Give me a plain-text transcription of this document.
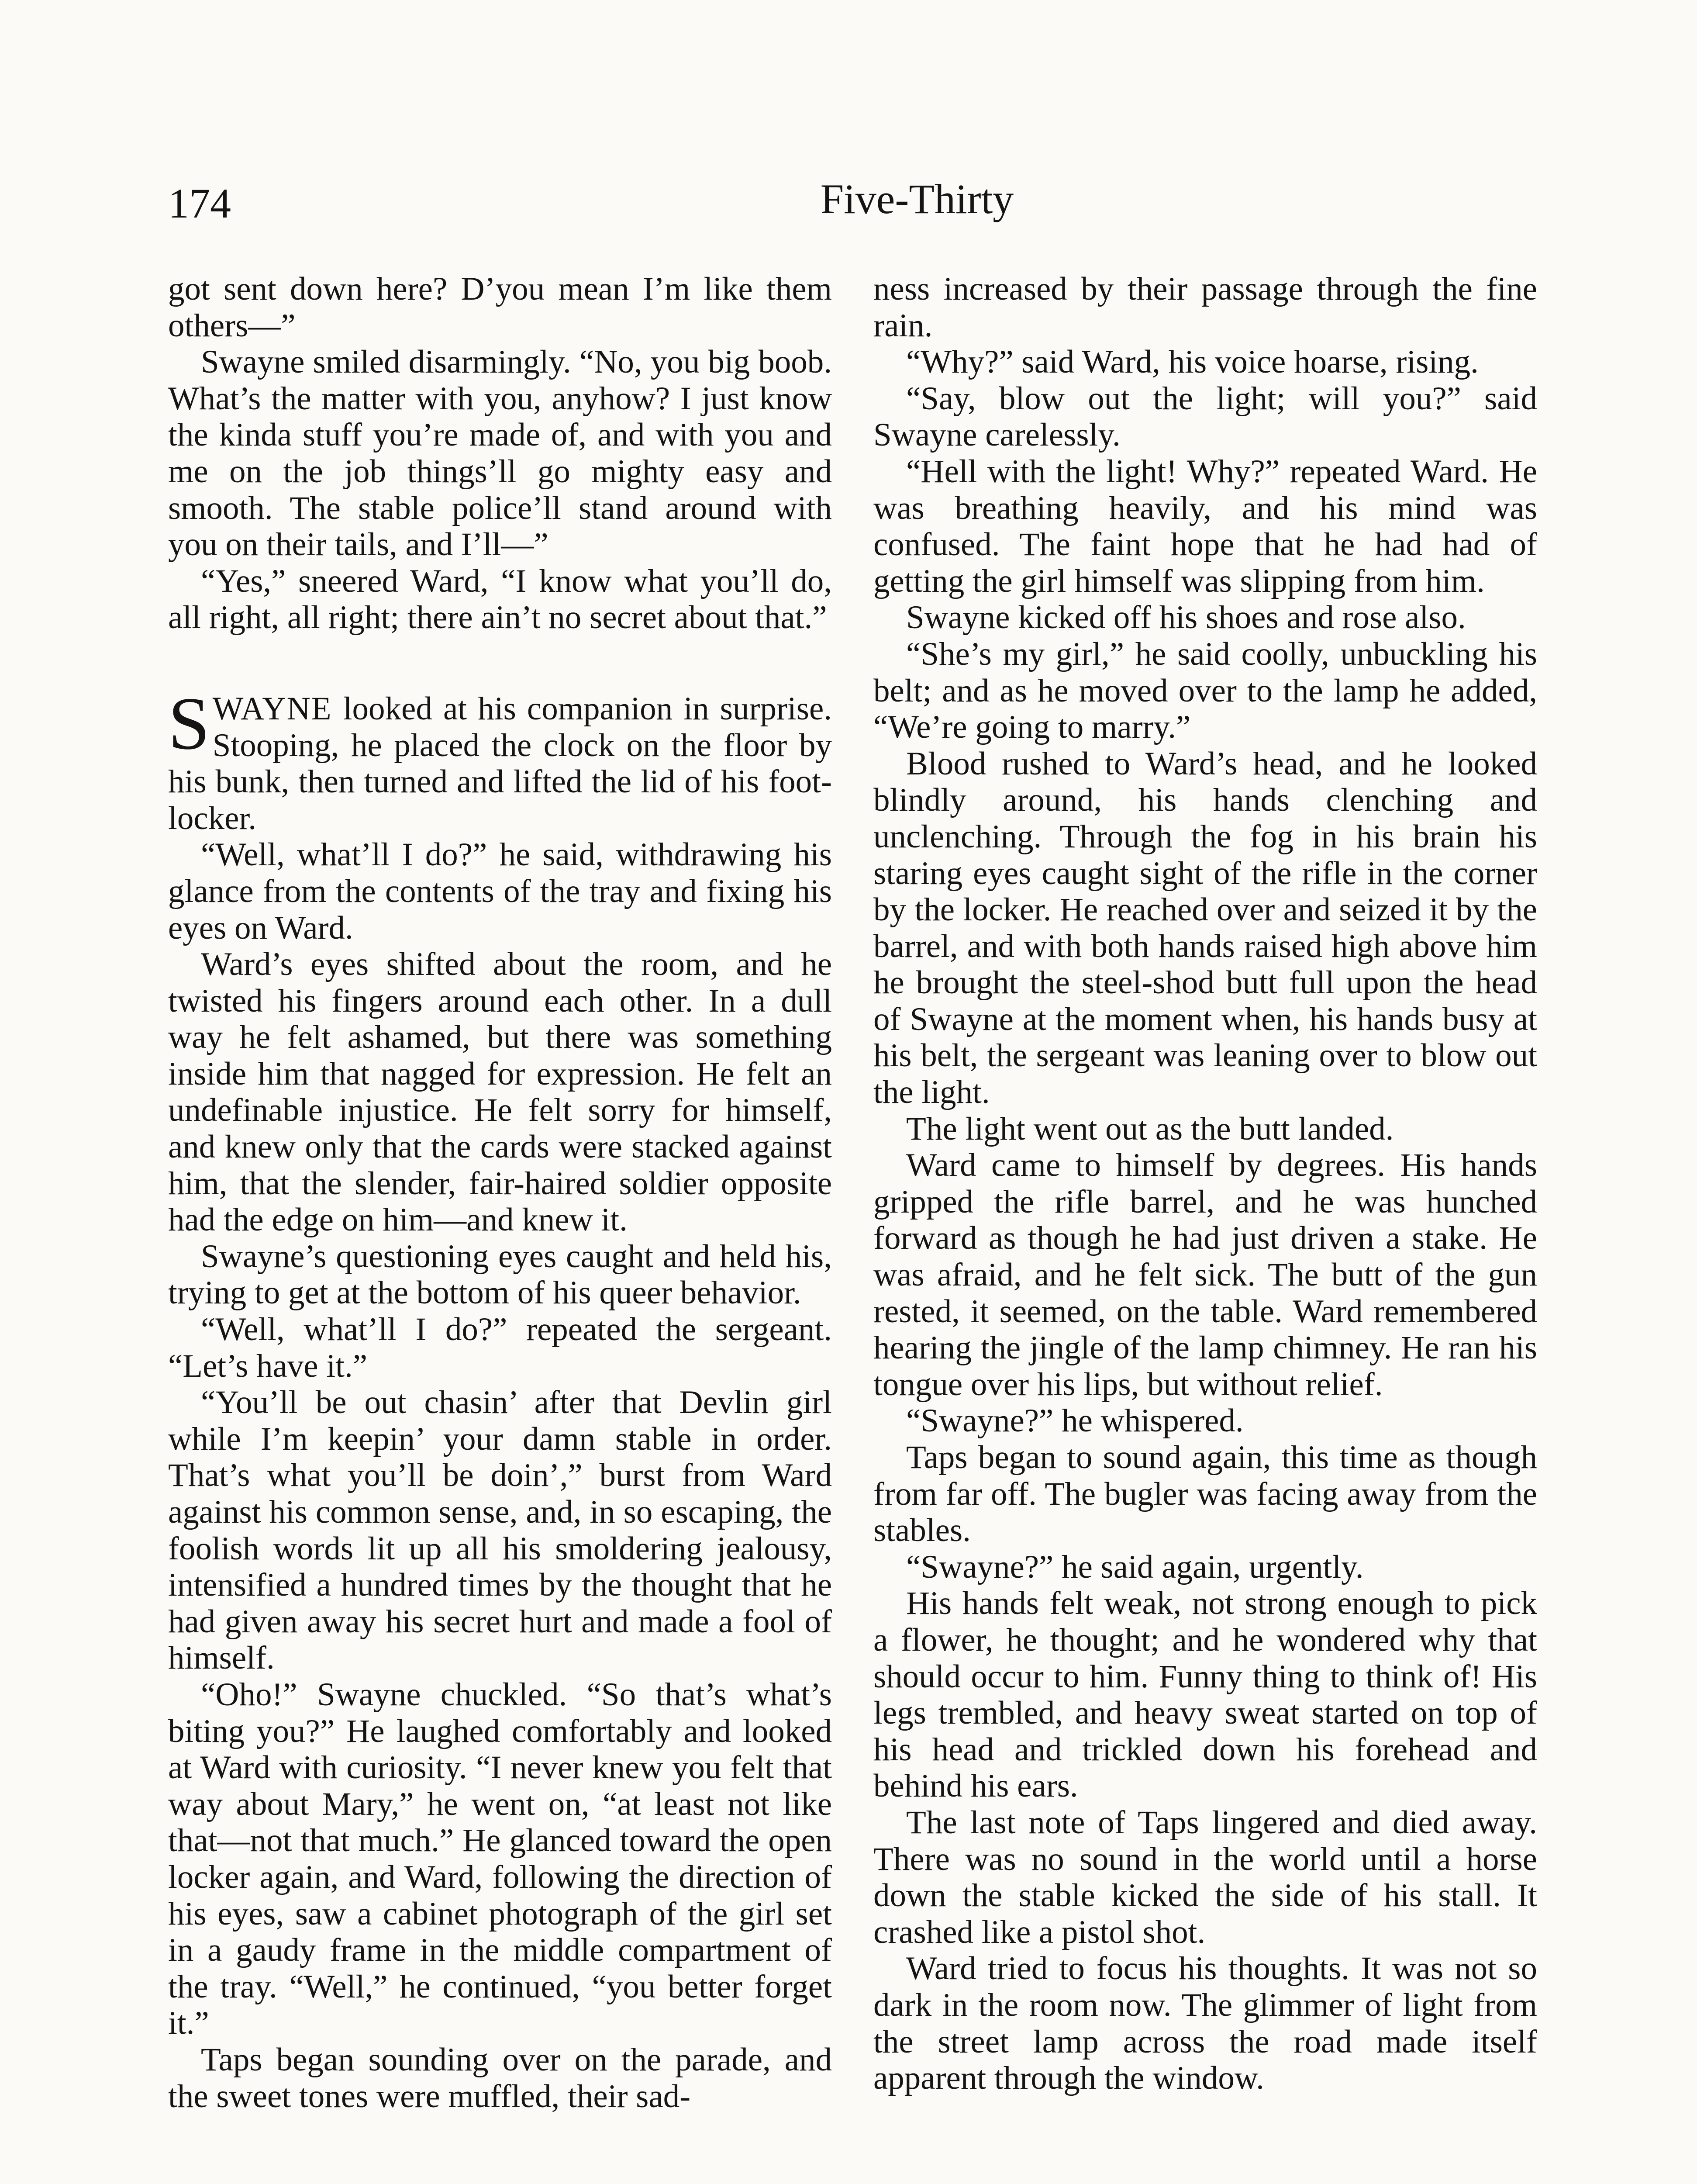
174	Five-Thirty

got sent down here? D’you mean I’m like them others—”

Swayne smiled disarmingly. “No, you big boob. What’s the matter with you, anyhow? I just know the kinda stuff you’re made of, and with you and me on the job things’ll go mighty easy and smooth. The stable police’ll stand around with you on their tails, and I’ll—”

“Yes,” sneered Ward, “I know what you’ll do, all right, all right; there ain’t no secret about that.”

SWAYNE looked at his companion in surprise. Stooping, he placed the clock on the floor by his bunk, then turned and lifted the lid of his foot-locker.

“Well, what’ll I do?” he said, withdrawing his glance from the contents of the tray and fixing his eyes on Ward.

Ward’s eyes shifted about the room, and he twisted his fingers around each other. In a dull way he felt ashamed, but there was something inside him that nagged for expression. He felt an undefinable injustice. He felt sorry for himself, and knew only that the cards were stacked against him, that the slender, fair-haired soldier opposite had the edge on him—and knew it.

Swayne’s questioning eyes caught and held his, trying to get at the bottom of his queer behavior.

“Well, what’ll I do?” repeated the sergeant. “Let’s have it.”

“You’ll be out chasin’ after that Devlin girl while I’m keepin’ your damn stable in order. That’s what you’ll be doin’,” burst from Ward against his common sense, and, in so escaping, the foolish words lit up all his smoldering jealousy, intensified a hundred times by the thought that he had given away his secret hurt and made a fool of himself.

“Oho!” Swayne chuckled. “So that’s what’s biting you?” He laughed comfortably and looked at Ward with curiosity. “I never knew you felt that way about Mary,” he went on, “at least not like that—not that much.” He glanced toward the open locker again, and Ward, following the direction of his eyes, saw a cabinet photograph of the girl set in a gaudy frame in the middle compartment of the tray. “Well,” he continued, “you better forget it.”

Taps began sounding over on the parade, and the sweet tones were muffled, their sad-

ness increased by their passage through the fine rain.

“Why?” said Ward, his voice hoarse, rising.

“Say, blow out the light; will you?” said Swayne carelessly.

“Hell with the light! Why?” repeated Ward. He was breathing heavily, and his mind was confused. The faint hope that he had had of getting the girl himself was slipping from him.

Swayne kicked off his shoes and rose also.

“She’s my girl,” he said coolly, unbuckling his belt; and as he moved over to the lamp he added, “We’re going to marry.”

Blood rushed to Ward’s head, and he looked blindly around, his hands clenching and unclenching. Through the fog in his brain his staring eyes caught sight of the rifle in the corner by the locker. He reached over and seized it by the barrel, and with both hands raised high above him he brought the steel-shod butt full upon the head of Swayne at the moment when, his hands busy at his belt, the sergeant was leaning over to blow out the light.

The light went out as the butt landed.

Ward came to himself by degrees. His hands gripped the rifle barrel, and he was hunched forward as though he had just driven a stake. He was afraid, and he felt sick. The butt of the gun rested, it seemed, on the table. Ward remembered hearing the jingle of the lamp chimney. He ran his tongue over his lips, but without relief.

“Swayne?” he whispered.

Taps began to sound again, this time as though from far off. The bugler was facing away from the stables.

“Swayne?” he said again, urgently.

His hands felt weak, not strong enough to pick a flower, he thought; and he wondered why that should occur to him. Funny thing to think of! His legs trembled, and heavy sweat started on top of his head and trickled down his forehead and behind his ears.

The last note of Taps lingered and died away. There was no sound in the world until a horse down the stable kicked the side of his stall. It crashed like a pistol shot.

Ward tried to focus his thoughts. It was not so dark in the room now. The glimmer of light from the street lamp across the road made itself apparent through the window.
